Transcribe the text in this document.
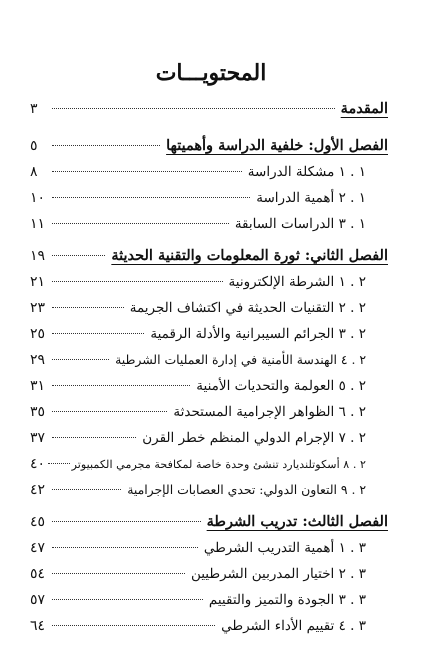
المحتويـــات
المقدمة
٣
الفصل الأول: خلفية الدراسة وأهميتها
٥
١ . ١ مشكلة الدراسة
٨
١ . ٢ أهمية الدراسة
١٠
١ . ٣ الدراسات السابقة
١١
الفصل الثاني: ثورة المعلومات والتقنية الحديثة
١٩
٢ . ١ الشرطة الإلكترونية
٢١
٢ . ٢ التقنيات الحديثة في اكتشاف الجريمة
٢٣
٢ . ٣ الجرائم السيبرانية والأدلة الرقمية
٢٥
٢ . ٤ الهندسة الأمنية في إدارة العمليات الشرطية
٢٩
٢ . ٥ العولمة والتحديات الأمنية
٣١
٢ . ٦ الظواهر الإجرامية المستحدثة
٣٥
٢ . ٧ الإجرام الدولي المنظم خطر القرن
٣٧
٢ . ٨ أسكوتلنديارد تنشئ وحدة خاصة لمكافحة مجرمي الكمبيوتر
٤٠
٢ . ٩ التعاون الدولي: تحدي العصابات الإجرامية
٤٢
الفصل الثالث: تدريب الشرطة
٤٥
٣ . ١ أهمية التدريب الشرطي
٤٧
٣ . ٢ اختيار المدربين الشرطيين
٥٤
٣ . ٣ الجودة والتميز والتقييم
٥٧
٣ . ٤ تقييم الأداء الشرطي
٦٤
